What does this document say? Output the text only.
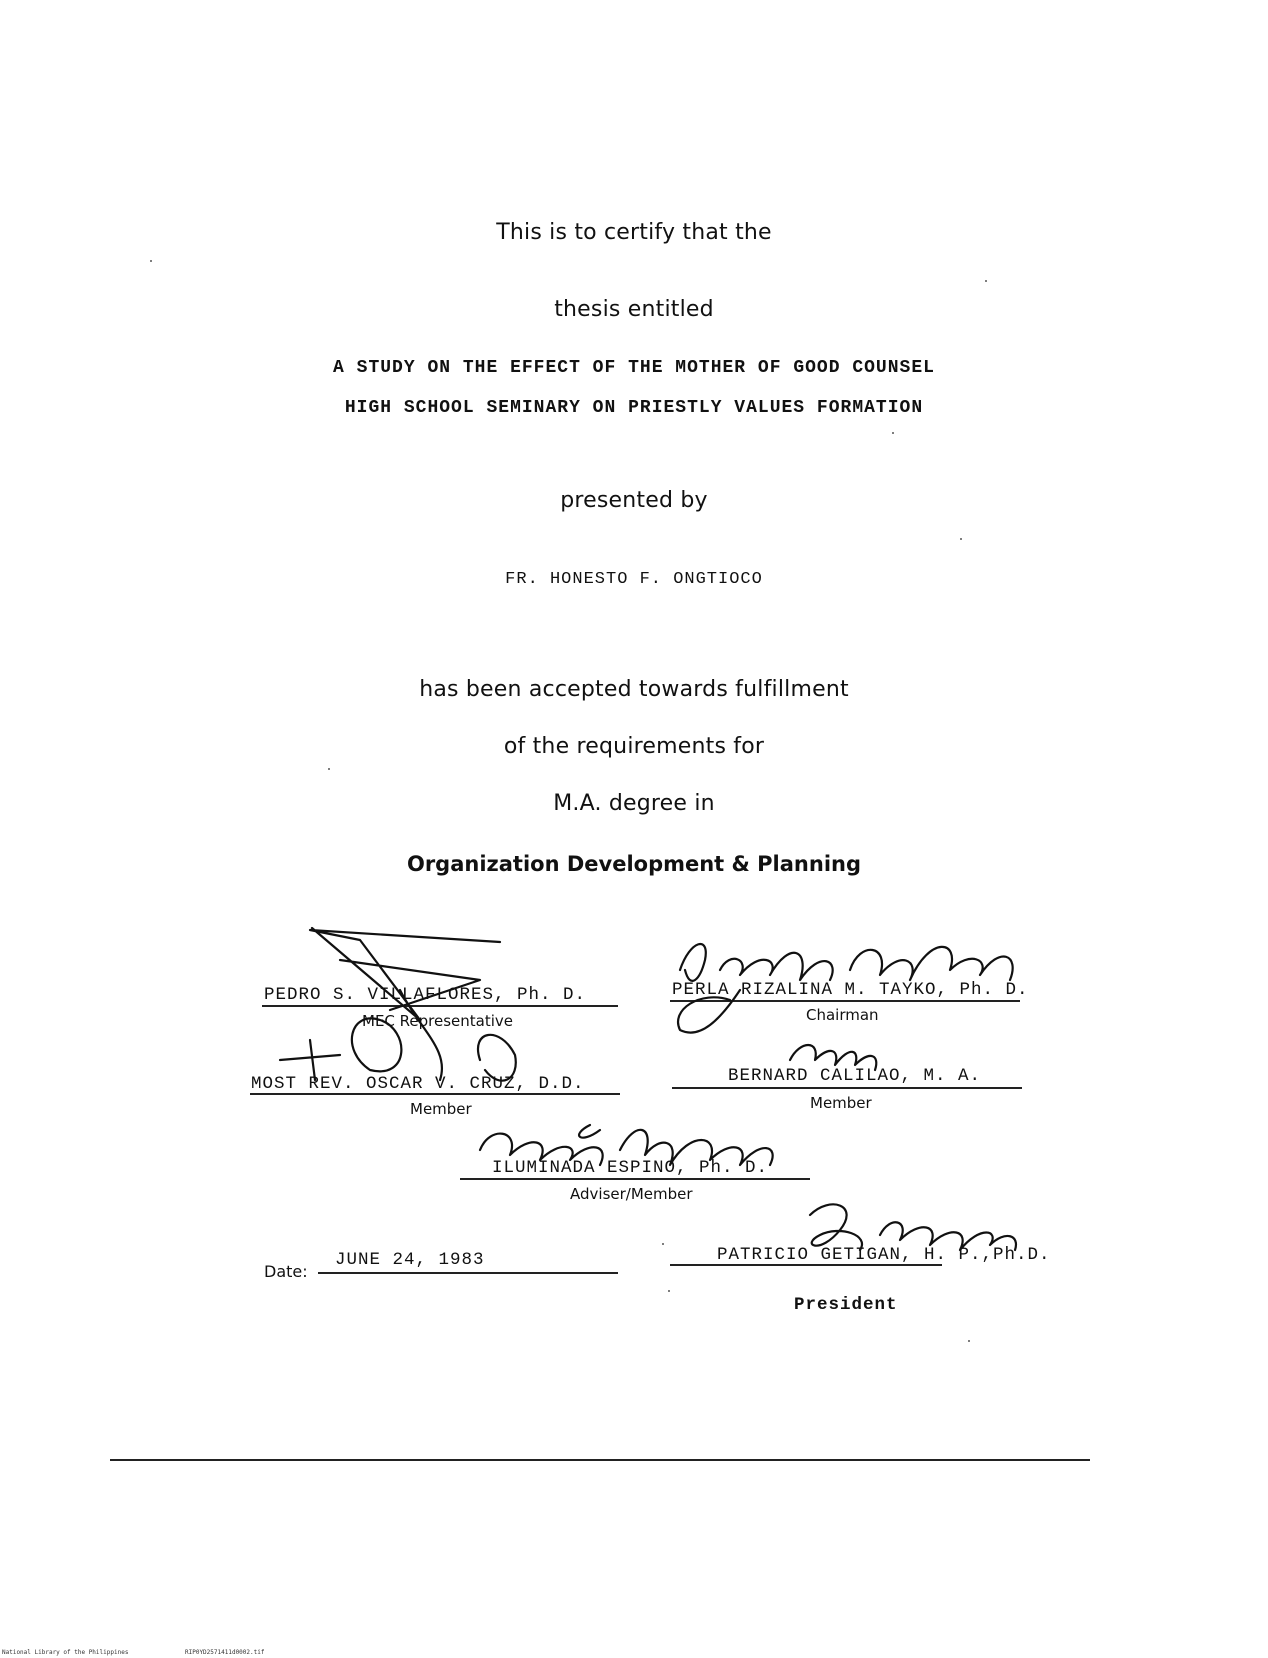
This is to certify that the
thesis entitled
A STUDY ON THE EFFECT OF THE MOTHER OF GOOD COUNSEL
HIGH SCHOOL SEMINARY ON PRIESTLY VALUES FORMATION
presented by
FR. HONESTO F. ONGTIOCO
has been accepted towards fulfillment
of the requirements for
M.A. degree in
Organization Development & Planning
PEDRO S. VILLAFLORES, Ph. D.
MEC Representative
PERLA RIZALINA M. TAYKO, Ph. D.
Chairman
MOST REV. OSCAR V. CRUZ, D.D.
Member
BERNARD CALILAO, M. A.
Member
ILUMINADA ESPINO, Ph. D.
Adviser/Member
Date:
JUNE 24, 1983	PATRICIO GETIGAN, H. P.,Ph.D.
President
National Library of the Philippines	RIP0YD2571411d0002.tif
